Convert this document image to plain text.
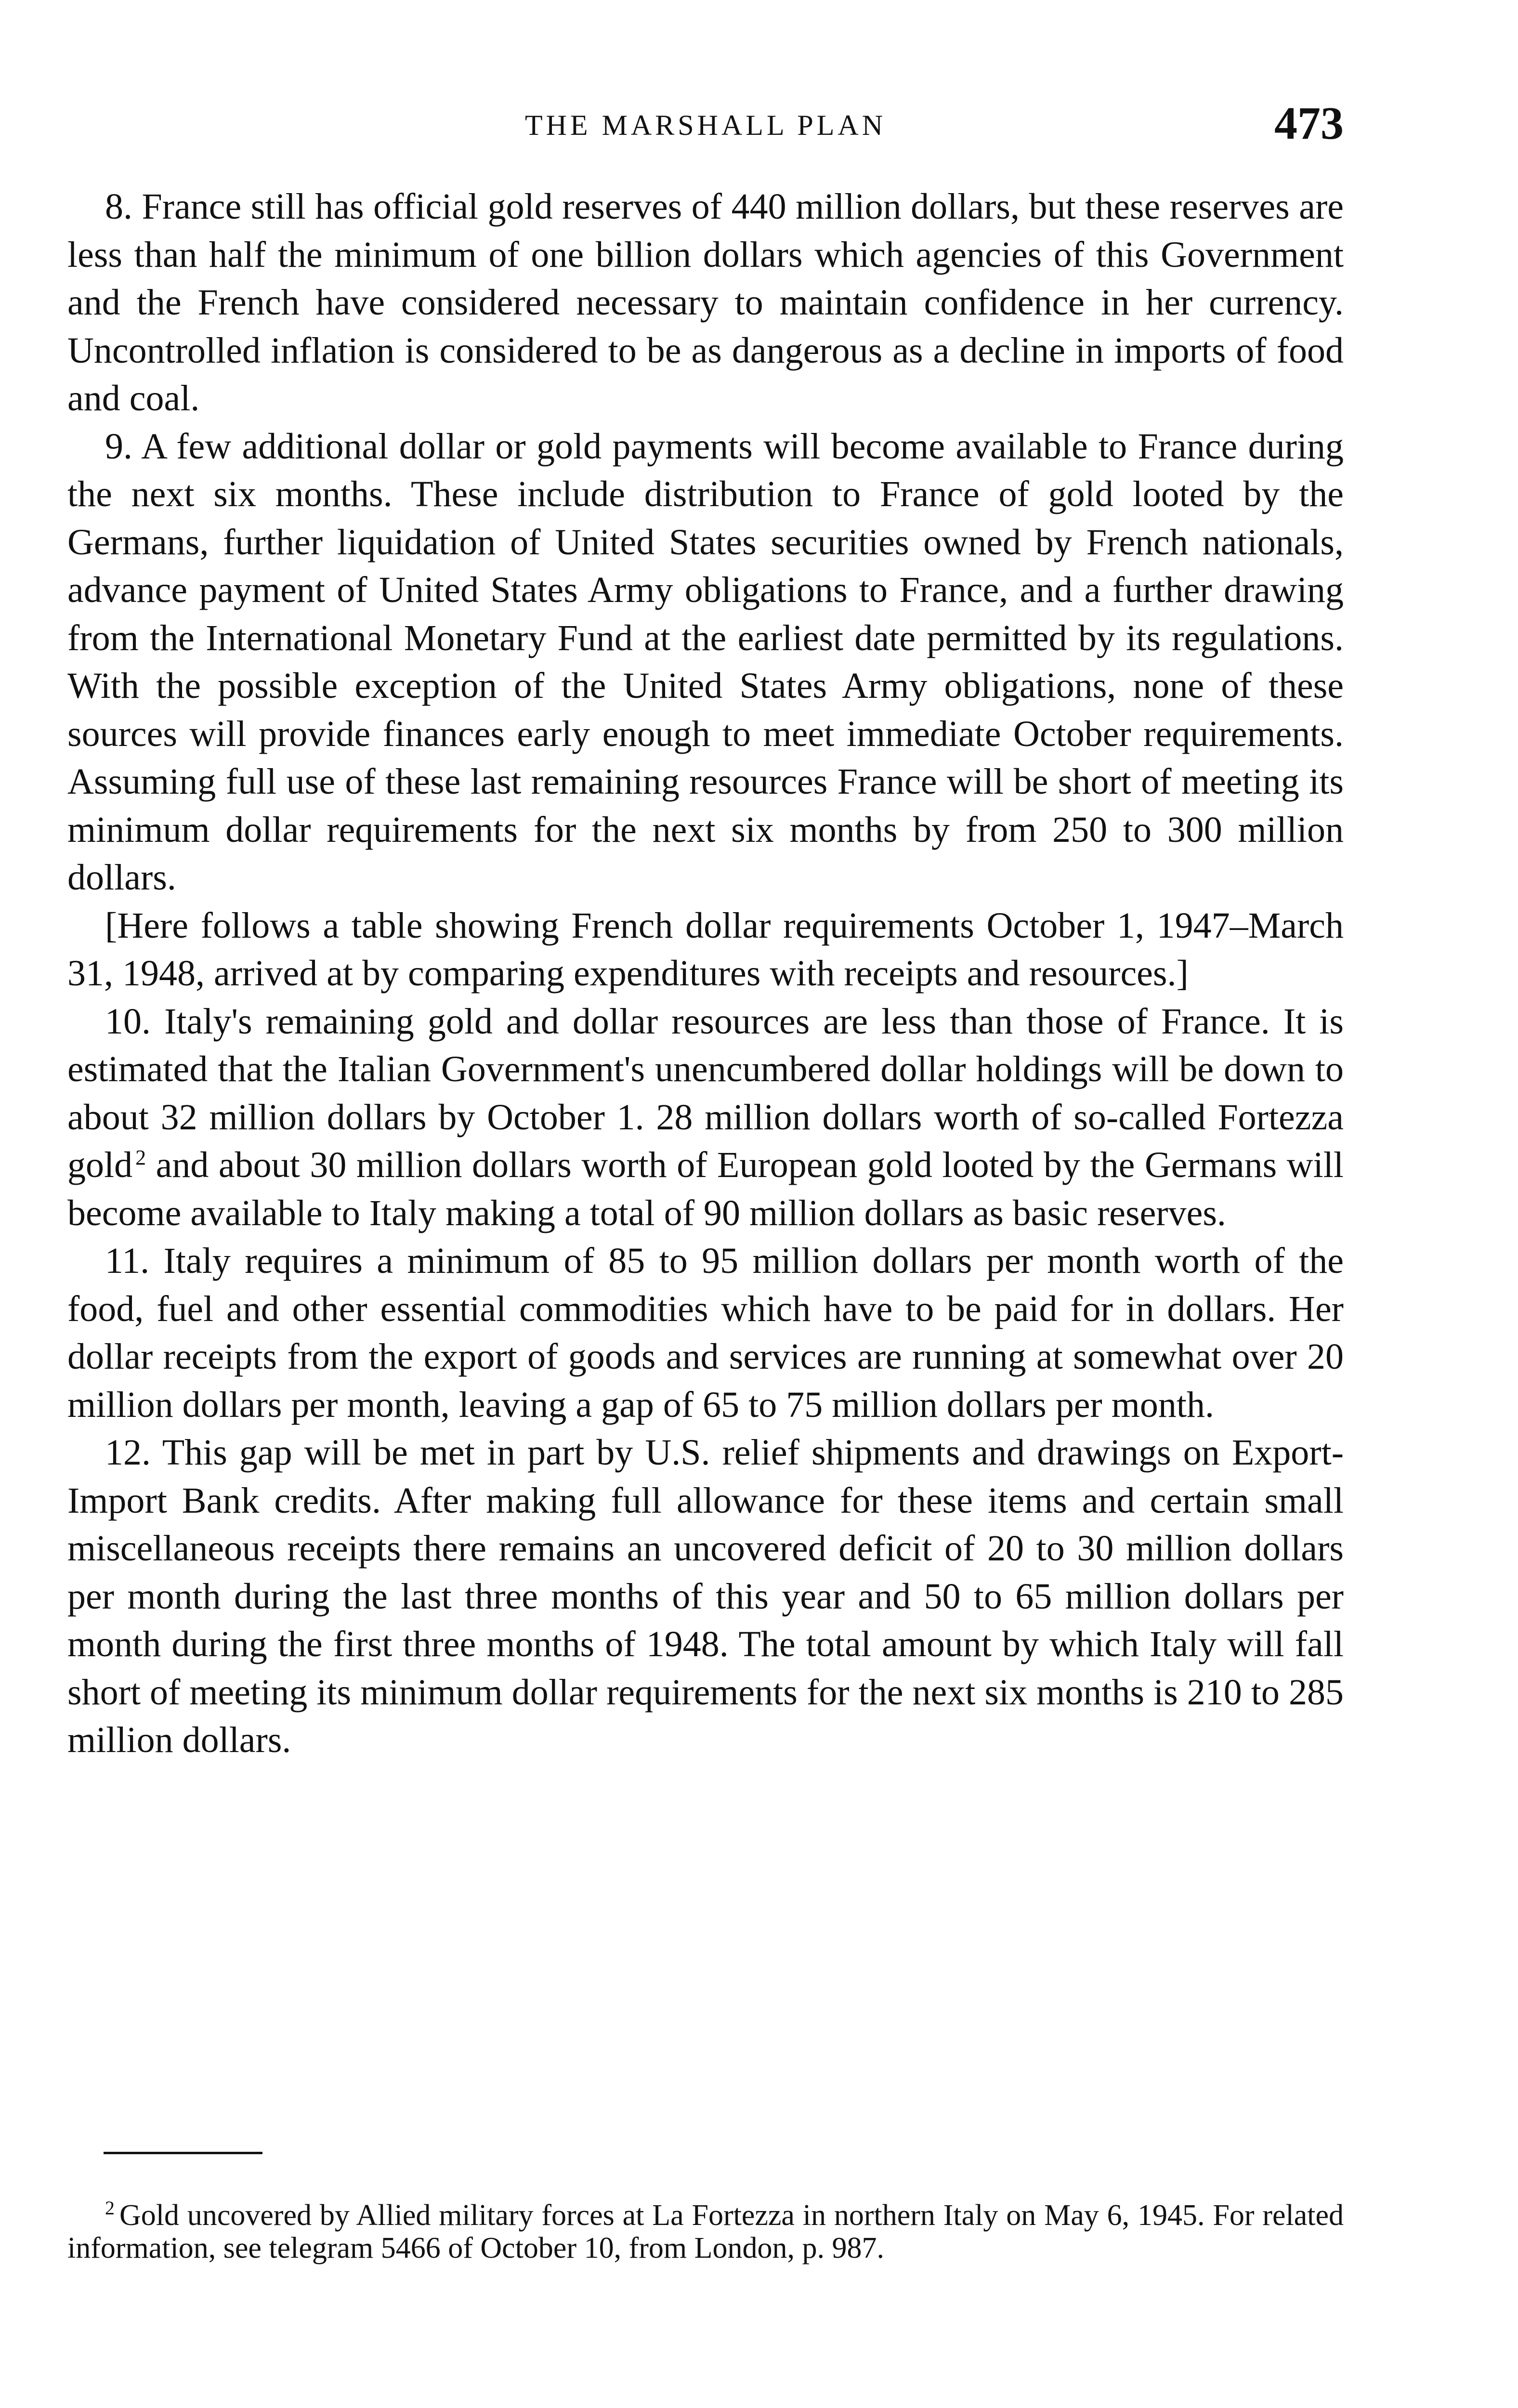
THE MARSHALL PLAN	473

8. France still has official gold reserves of 440 million dollars, but these reserves are less than half the minimum of one billion dollars which agencies of this Government and the French have considered necessary to maintain confidence in her currency. Uncontrolled inflation is considered to be as dangerous as a decline in imports of food and coal.

9. A few additional dollar or gold payments will become available to France during the next six months. These include distribution to France of gold looted by the Germans, further liquidation of United States securities owned by French nationals, advance payment of United States Army obligations to France, and a further drawing from the International Monetary Fund at the earliest date permitted by its regulations. With the possible exception of the United States Army obligations, none of these sources will provide finances early enough to meet immediate October requirements. Assuming full use of these last remaining resources France will be short of meeting its minimum dollar requirements for the next six months by from 250 to 300 million dollars.

[Here follows a table showing French dollar requirements October 1, 1947–March 31, 1948, arrived at by comparing expenditures with receipts and resources.]

10. Italy's remaining gold and dollar resources are less than those of France. It is estimated that the Italian Government's unencumbered dollar holdings will be down to about 32 million dollars by October 1. 28 million dollars worth of so-called Fortezza gold $^2$ and about 30 million dollars worth of European gold looted by the Germans will become available to Italy making a total of 90 million dollars as basic reserves.

11. Italy requires a minimum of 85 to 95 million dollars per month worth of the food, fuel and other essential commodities which have to be paid for in dollars. Her dollar receipts from the export of goods and services are running at somewhat over 20 million dollars per month, leaving a gap of 65 to 75 million dollars per month.

12. This gap will be met in part by U.S. relief shipments and drawings on Export-Import Bank credits. After making full allowance for these items and certain small miscellaneous receipts there remains an uncovered deficit of 20 to 30 million dollars per month during the last three months of this year and 50 to 65 million dollars per month during the first three months of 1948. The total amount by which Italy will fall short of meeting its minimum dollar requirements for the next six months is 210 to 285 million dollars.

$^2$ Gold uncovered by Allied military forces at La Fortezza in northern Italy on May 6, 1945. For related information, see telegram 5466 of October 10, from London, p. 987.
